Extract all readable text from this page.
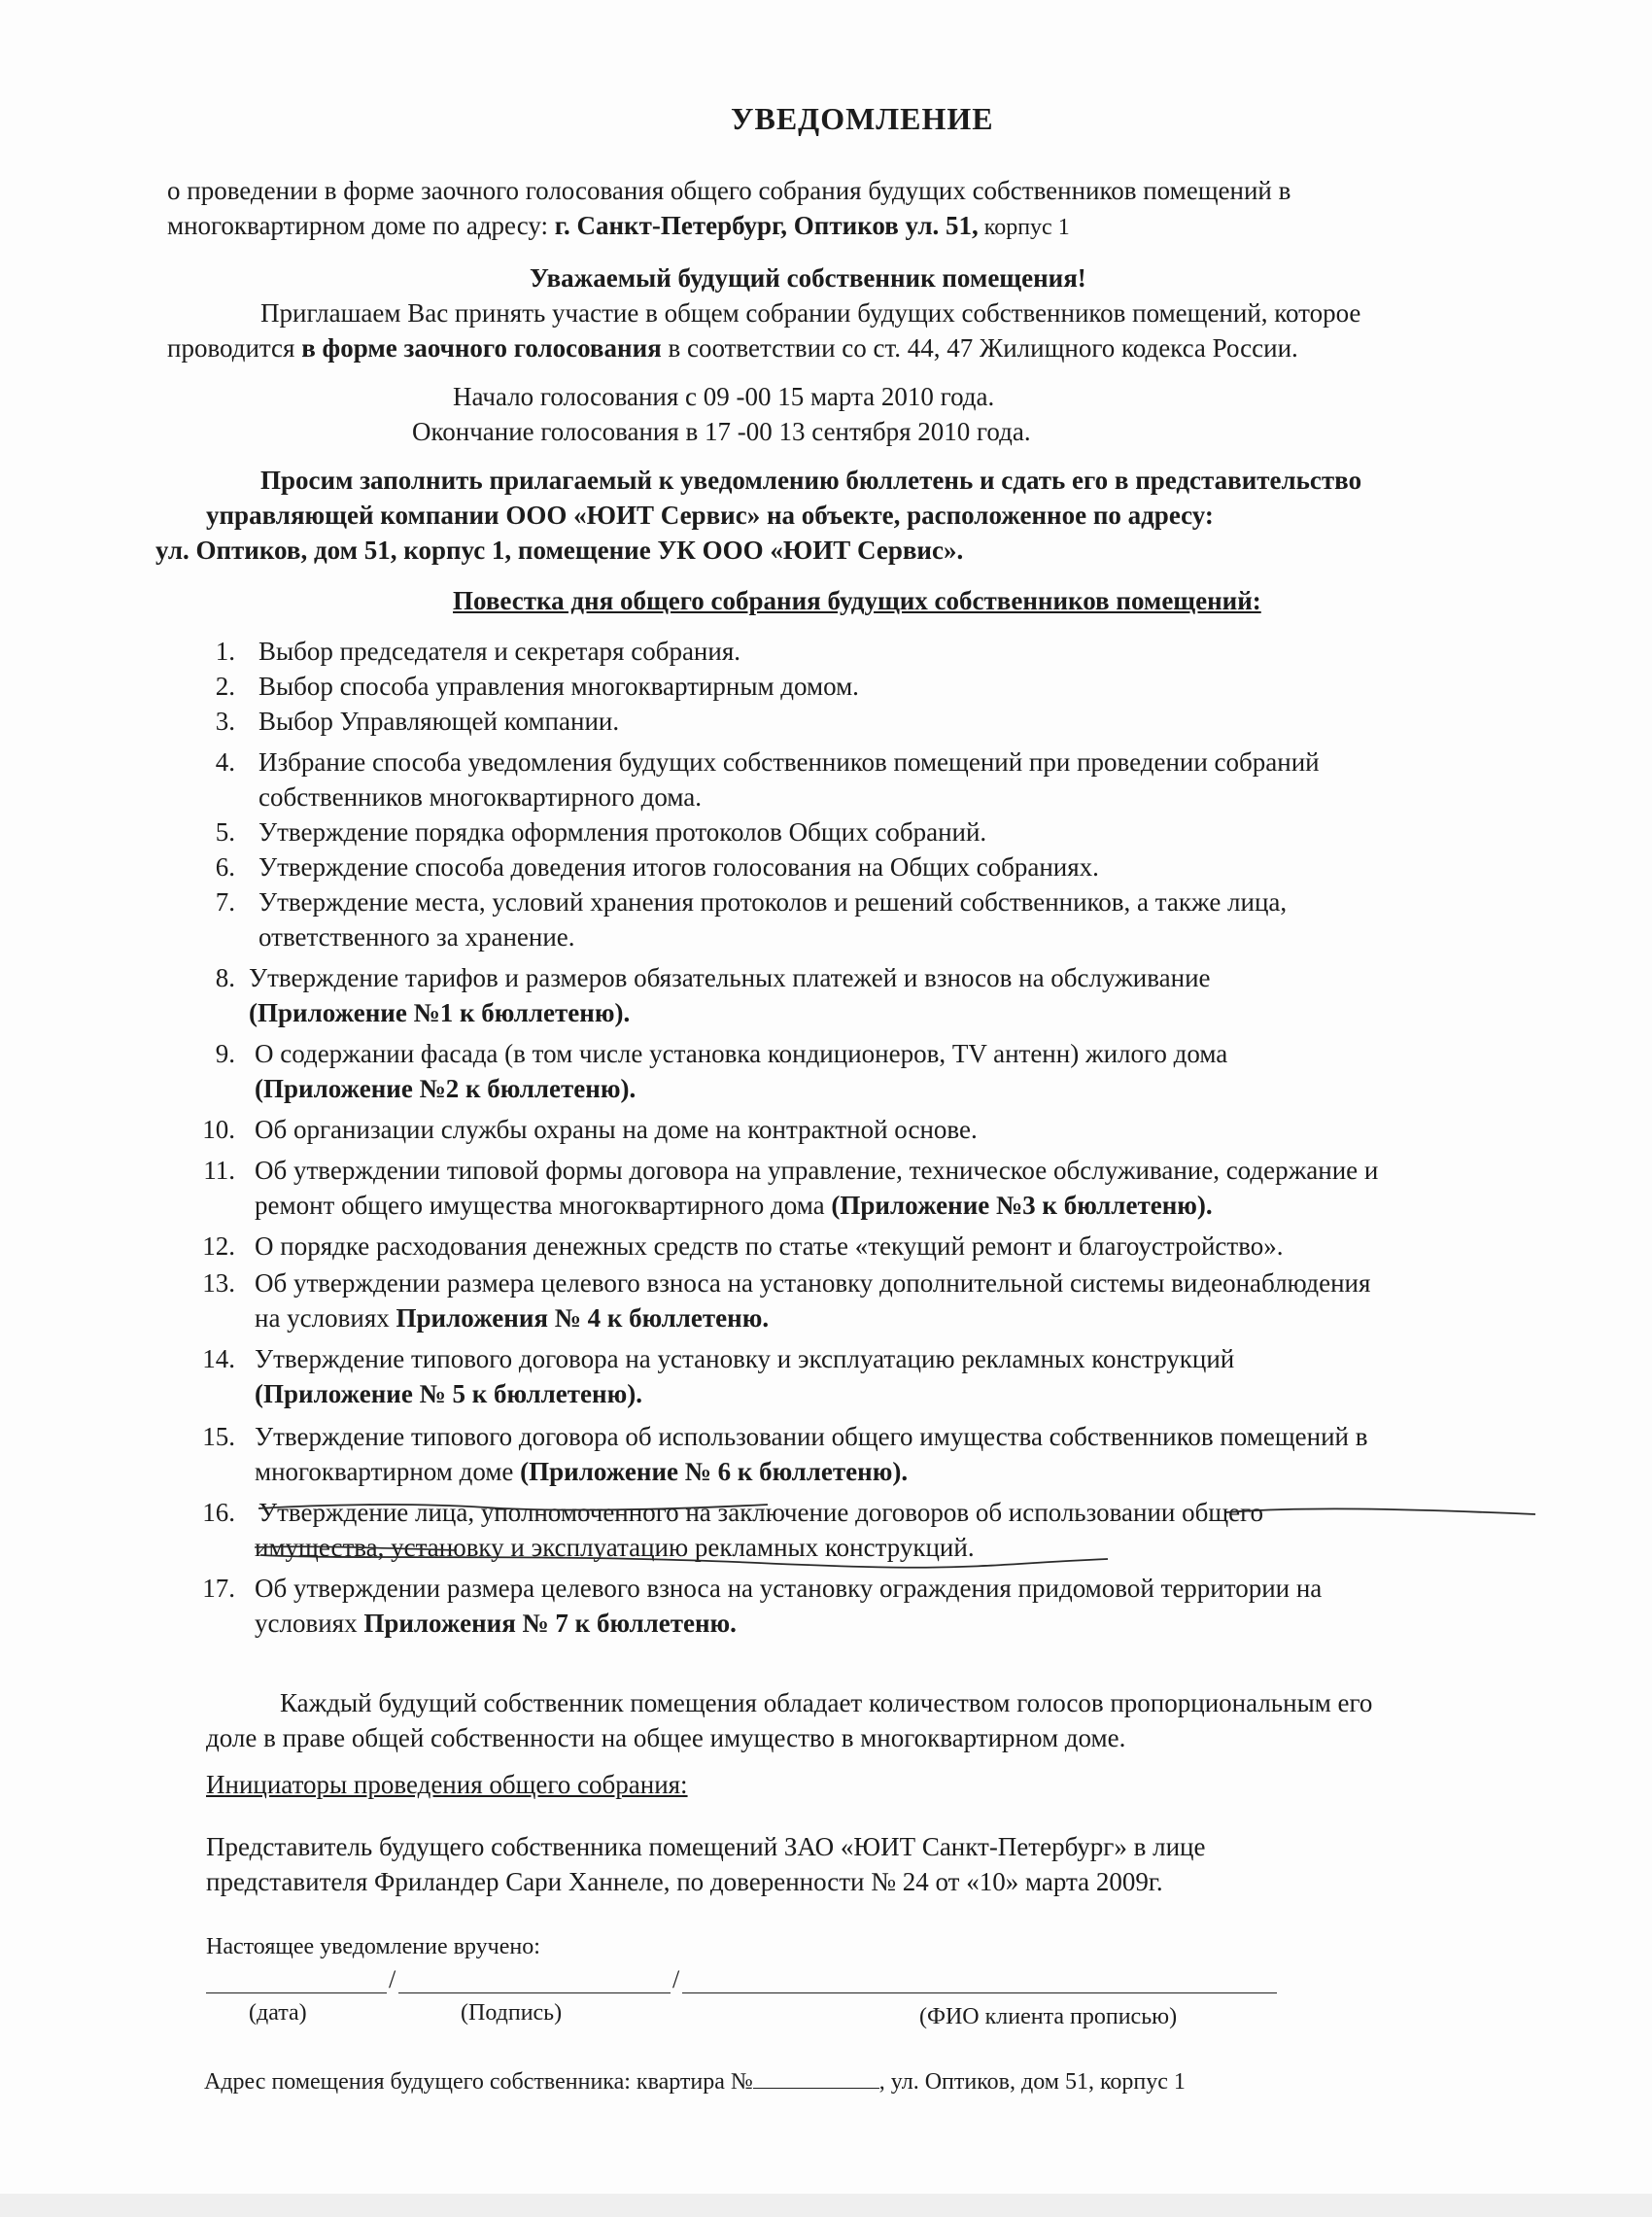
УВЕДОМЛЕНИЕ
о проведении в форме заочного голосования общего собрания будущих собственников помещений в
многоквартирном доме по адресу: г. Санкт-Петербург, Оптиков ул. 51, корпус 1
Уважаемый будущий собственник помещения!
Приглашаем Вас принять участие в общем собрании будущих собственников помещений, которое
проводится в форме заочного голосования в соответствии со ст. 44, 47 Жилищного кодекса России.
Начало голосования с 09 -00 15 марта 2010 года.
Окончание голосования в 17 -00 13 сентября 2010 года.
Просим заполнить прилагаемый к уведомлению бюллетень и сдать его в представительство
управляющей компании ООО «ЮИТ Сервис» на объекте, расположенное по адресу:
ул. Оптиков, дом 51, корпус 1, помещение УК ООО «ЮИТ Сервис».
Повестка дня общего собрания будущих собственников помещений:
1. Выбор председателя и секретаря собрания.
2. Выбор способа управления многоквартирным домом.
3. Выбор Управляющей компании.
4. Избрание способа уведомления будущих собственников помещений при проведении собраний
собственников многоквартирного дома.
5. Утверждение порядка оформления протоколов Общих собраний.
6. Утверждение способа доведения итогов голосования на Общих собраниях.
7. Утверждение места, условий хранения протоколов и решений собственников, а также лица,
ответственного за хранение.
8. Утверждение тарифов и размеров обязательных платежей и взносов на обслуживание
(Приложение №1 к бюллетеню).
9. О содержании фасада (в том числе установка кондиционеров, TV антенн) жилого дома
(Приложение №2 к бюллетеню).
10. Об организации службы охраны на доме на контрактной основе.
11. Об утверждении типовой формы договора на управление, техническое обслуживание, содержание и
ремонт общего имущества многоквартирного дома (Приложение №3 к бюллетеню).
12. О порядке расходования денежных средств по статье «текущий ремонт и благоустройство».
13. Об утверждении размера целевого взноса на установку дополнительной системы видеонаблюдения
на условиях Приложения № 4 к бюллетеню.
14. Утверждение типового договора на установку и эксплуатацию рекламных конструкций
(Приложение № 5 к бюллетеню).
15. Утверждение типового договора об использовании общего имущества собственников помещений в
многоквартирном доме (Приложение № 6 к бюллетеню).
16. Утверждение лица, уполномоченного на заключение договоров об использовании общего
имущества, установку и эксплуатацию рекламных конструкций.
17. Об утверждении размера целевого взноса на установку ограждения придомовой территории на
условиях Приложения № 7 к бюллетеню.
Каждый будущий собственник помещения обладает количеством голосов пропорциональным его
доле в праве общей собственности на общее имущество в многоквартирном доме.
Инициаторы проведения общего собрания:
Представитель будущего собственника помещений ЗАО «ЮИТ Санкт-Петербург» в лице
представителя Фриландер Сари Ханнеле, по доверенности № 24 от «10» марта 2009г.
Настоящее уведомление вручено:
/	/
(дата)	(Подпись)	(ФИО клиента прописью)
Адрес помещения будущего собственника: квартира №	, ул. Оптиков, дом 51, корпус 1
